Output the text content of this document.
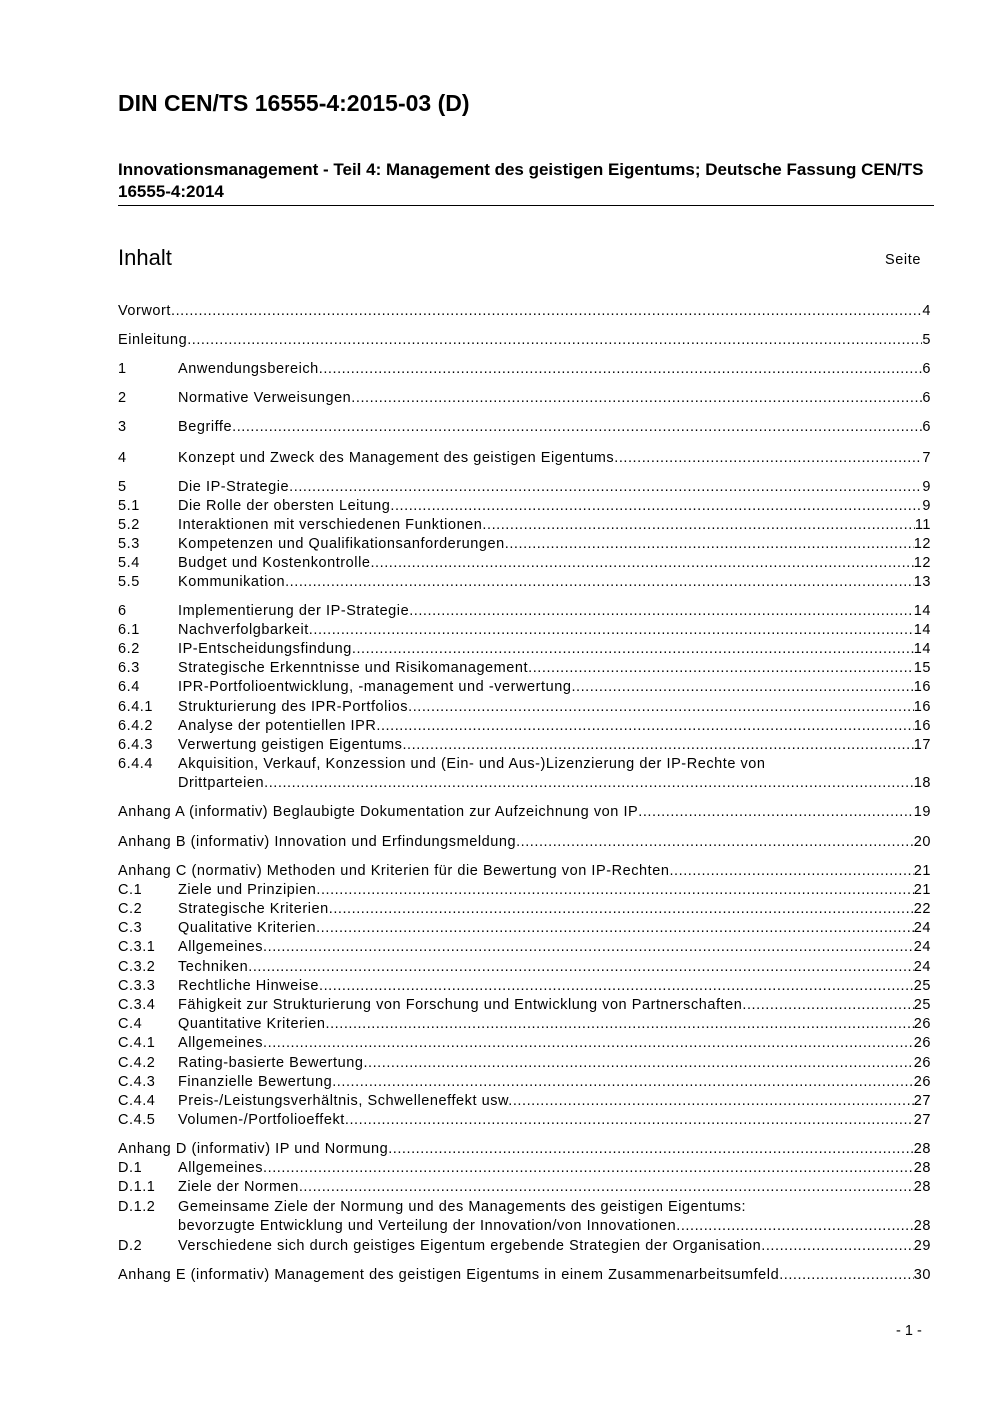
DIN CEN/TS 16555-4:2015-03 (D)
Innovationsmanagement - Teil 4: Management des geistigen Eigentums; Deutsche Fassung CEN/TS 16555-4:2014
Inhalt	Seite
Vorwort .....	4
Einleitung .....	5
1	Anwendungsbereich .....	6
2	Normative Verweisungen .....	6
3	Begriffe .....	6
4	Konzept und Zweck des Management des geistigen Eigentums .....	7
5	Die IP-Strategie .....	9
5.1	Die Rolle der obersten Leitung .....	9
5.2	Interaktionen mit verschiedenen Funktionen .....	11
5.3	Kompetenzen und Qualifikationsanforderungen .....	12
5.4	Budget und Kostenkontrolle .....	12
5.5	Kommunikation .....	13
6	Implementierung der IP-Strategie .....	14
6.1	Nachverfolgbarkeit .....	14
6.2	IP-Entscheidungsfindung .....	14
6.3	Strategische Erkenntnisse und Risikomanagement .....	15
6.4	IPR-Portfolioentwicklung, -management und -verwertung .....	16
6.4.1	Strukturierung des IPR-Portfolios .....	16
6.4.2	Analyse der potentiellen IPR .....	16
6.4.3	Verwertung geistigen Eigentums .....	17
6.4.4	Akquisition, Verkauf, Konzession und (Ein- und Aus-)Lizenzierung der IP-Rechte von
Drittparteien .....	18
Anhang A (informativ) Beglaubigte Dokumentation zur Aufzeichnung von IP .....	19
Anhang B (informativ) Innovation und Erfindungsmeldung .....	20
Anhang C (normativ) Methoden und Kriterien für die Bewertung von IP-Rechten .....	21
C.1	Ziele und Prinzipien .....	21
C.2	Strategische Kriterien .....	22
C.3	Qualitative Kriterien .....	24
C.3.1	Allgemeines .....	24
C.3.2	Techniken .....	24
C.3.3	Rechtliche Hinweise .....	25
C.3.4	Fähigkeit zur Strukturierung von Forschung und Entwicklung von Partnerschaften .....	25
C.4	Quantitative Kriterien .....	26
C.4.1	Allgemeines .....	26
C.4.2	Rating-basierte Bewertung .....	26
C.4.3	Finanzielle Bewertung .....	26
C.4.4	Preis-/Leistungsverhältnis, Schwelleneffekt usw. .....	27
C.4.5	Volumen-/Portfolioeffekt .....	27
Anhang D (informativ) IP und Normung .....	28
D.1	Allgemeines .....	28
D.1.1	Ziele der Normen .....	28
D.1.2	Gemeinsame Ziele der Normung und des Managements des geistigen Eigentums:
bevorzugte Entwicklung und Verteilung der Innovation/von Innovationen .....	28
D.2	Verschiedene sich durch geistiges Eigentum ergebende Strategien der Organisation .....	29
Anhang E (informativ) Management des geistigen Eigentums in einem Zusammenarbeitsumfeld .....	30
- 1 -
